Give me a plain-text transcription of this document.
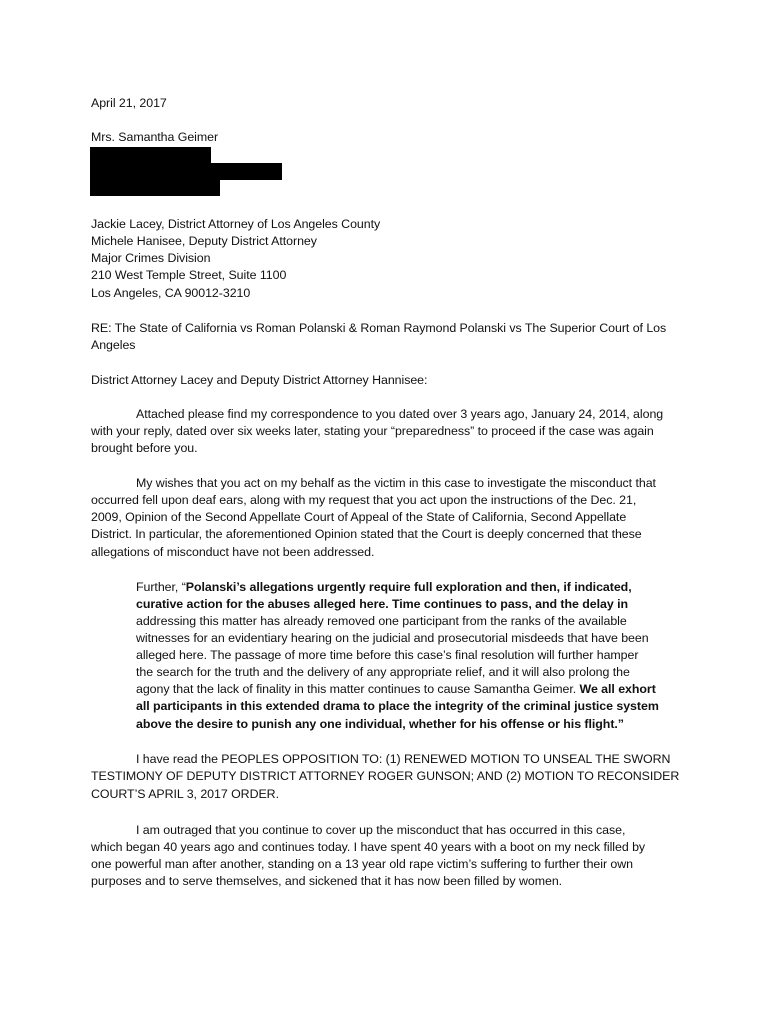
April 21, 2017
Mrs. Samantha Geimer
Jackie Lacey, District Attorney of Los Angeles County
Michele Hanisee, Deputy District Attorney
Major Crimes Division
210 West Temple Street, Suite 1100
Los Angeles, CA 90012-3210
RE: The State of California vs Roman Polanski & Roman Raymond Polanski vs The Superior Court of Los
Angeles
District Attorney Lacey and Deputy District Attorney Hannisee:
Attached please find my correspondence to you dated over 3 years ago, January 24, 2014, along
with your reply, dated over six weeks later, stating your “preparedness” to proceed if the case was again
brought before you.
My wishes that you act on my behalf as the victim in this case to investigate the misconduct that
occurred fell upon deaf ears, along with my request that you act upon the instructions of the Dec. 21,
2009, Opinion of the Second Appellate Court of Appeal of the State of California, Second Appellate
District. In particular, the aforementioned Opinion stated that the Court is deeply concerned that these
allegations of misconduct have not been addressed.
Further, “Polanski’s allegations urgently require full exploration and then, if indicated,
curative action for the abuses alleged here. Time continues to pass, and the delay in
addressing this matter has already removed one participant from the ranks of the available
witnesses for an evidentiary hearing on the judicial and prosecutorial misdeeds that have been
alleged here. The passage of more time before this case’s final resolution will further hamper
the search for the truth and the delivery of any appropriate relief, and it will also prolong the
agony that the lack of finality in this matter continues to cause Samantha Geimer. We all exhort
all participants in this extended drama to place the integrity of the criminal justice system
above the desire to punish any one individual, whether for his offense or his flight.”
I have read the PEOPLES OPPOSITION TO: (1) RENEWED MOTION TO UNSEAL THE SWORN
TESTIMONY OF DEPUTY DISTRICT ATTORNEY ROGER GUNSON; AND (2) MOTION TO RECONSIDER
COURT’S APRIL 3, 2017 ORDER.
I am outraged that you continue to cover up the misconduct that has occurred in this case,
which began 40 years ago and continues today. I have spent 40 years with a boot on my neck filled by
one powerful man after another, standing on a 13 year old rape victim’s suffering to further their own
purposes and to serve themselves, and sickened that it has now been filled by women.
